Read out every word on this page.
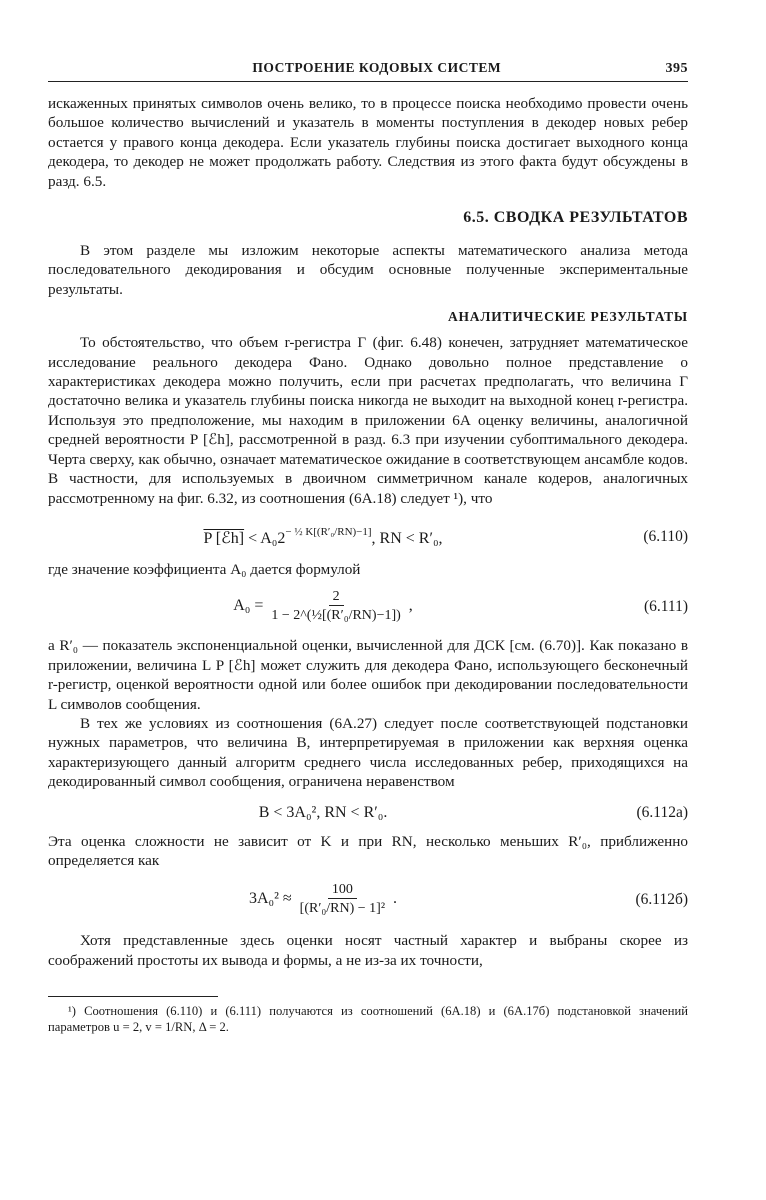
ПОСТРОЕНИЕ КОДОВЫХ СИСТЕМ	395

искаженных принятых символов очень велико, то в процессе поиска необходимо провести очень большое количество вычислений и указатель в моменты поступления в декодер новых ребер остается у правого конца декодера. Если указатель глубины поиска достигает выходного конца декодера, то декодер не может продолжать работу. Следствия из этого факта будут обсуждены в разд. 6.5.

6.5. СВОДКА РЕЗУЛЬТАТОВ

В этом разделе мы изложим некоторые аспекты математического анализа метода последовательного декодирования и обсудим основные полученные экспериментальные результаты.

АНАЛИТИЧЕСКИЕ РЕЗУЛЬТАТЫ

То обстоятельство, что объем r-регистра Γ (фиг. 6.48) конечен, затрудняет математическое исследование реального декодера Фано. Однако довольно полное представление о характеристиках декодера можно получить, если при расчетах предполагать, что величина Γ достаточно велика и указатель глубины поиска никогда не выходит на выходной конец r-регистра. Используя это предположение, мы находим в приложении 6А оценку величины, аналогичной средней вероятности P [ℰh], рассмотренной в разд. 6.3 при изучении субоптимального декодера. Черта сверху, как обычно, означает математическое ожидание в соответствующем ансамбле кодов. В частности, для используемых в двоичном симметричном канале кодеров, аналогичных рассмотренному на фиг. 6.32, из соотношения (6А.18) следует ¹), что

P [ℰh] < $A_02^{- \frac{1}{2} K[(R'_0/RN)-1]}$, RN < R′₀,	(6.110)

где значение коэффициента A₀ дается формулой

$A_0 = \frac{2}{\text{1 − 2\textasciicircum{}(½[(R′₀/RN)−1])}}$ ,	(6.111)

а R′₀ — показатель экспоненциальной оценки, вычисленной для ДСК [см. (6.70)]. Как показано в приложении, величина L P [ℰh] может служить для декодера Фано, использующего бесконечный r-регистр, оценкой вероятности одной или более ошибок при декодировании последовательности L символов сообщения.

В тех же условиях из соотношения (6А.27) следует после соответствующей подстановки нужных параметров, что величина B, интерпретируемая в приложении как верхняя оценка характеризующего данный алгоритм среднего числа исследованных ребер, приходящихся на декодированный символ сообщения, ограничена неравенством

B < 3A₀², RN < R′₀.	(6.112а)

Эта оценка сложности не зависит от K и при RN, несколько меньших R′₀, приближенно определяется как

$3A_0^2 \approx \frac{100}{\text{[(R′₀/RN) − 1]²}}$ .	(6.112б)

Хотя представленные здесь оценки носят частный характер и выбраны скорее из соображений простоты их вывода и формы, а не из-за их точности,

¹) Соотношения (6.110) и (6.111) получаются из соотношений (6А.18) и (6А.17б) подстановкой значений параметров u = 2, v = 1/RN, Δ = 2.
